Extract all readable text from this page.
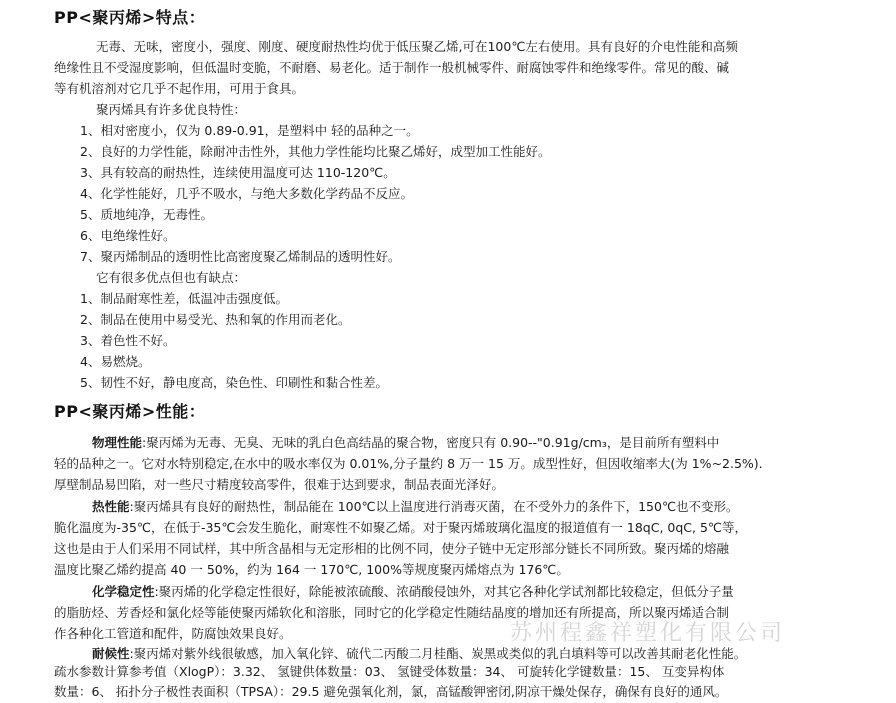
PP<聚丙烯>特点：
无毒、无味，密度小，强度、刚度、硬度耐热性均优于低压聚乙烯,可在100℃左右使用。具有良好的介电性能和高频
绝缘性且不受湿度影响，但低温时变脆，不耐磨、易老化。适于制作一般机械零件、耐腐蚀零件和绝缘零件。常见的酸、碱
等有机溶剂对它几乎不起作用，可用于食具。
聚丙烯具有许多优良特性：
1、相对密度小，仅为 0.89-0.91，是塑料中 轻的品种之一。
2、良好的力学性能，除耐冲击性外，其他力学性能均比聚乙烯好，成型加工性能好。
3、具有较高的耐热性，连续使用温度可达 110-120℃。
4、化学性能好，几乎不吸水，与绝大多数化学药品不反应。
5、质地纯净，无毒性。
6、电绝缘性好。
7、聚丙烯制品的透明性比高密度聚乙烯制品的透明性好。
它有很多优点但也有缺点：
1、制品耐寒性差，低温冲击强度低。
2、制品在使用中易受光、热和氧的作用而老化。
3、着色性不好。
4、易燃烧。
5、韧性不好，静电度高，染色性、印刷性和黏合性差。
PP<聚丙烯>性能：
物理性能:聚丙烯为无毒、无臭、无味的乳白色高结晶的聚合物，密度只有 0.90--"0.91g/cm₃，是目前所有塑料中
轻的品种之一。它对水特别稳定,在水中的吸水率仅为 0.01%,分子量约 8 万一 15 万。成型性好，但因收缩率大(为 1%~2.5%).
厚壁制品易凹陷，对一些尺寸精度较高零件，很难于达到要求，制品表面光泽好。
热性能:聚丙烯具有良好的耐热性，制品能在 100℃以上温度进行消毒灭菌，在不受外力的条件下，150℃也不变形。
脆化温度为-35℃，在低于-35℃会发生脆化，耐寒性不如聚乙烯。对于聚丙烯玻璃化温度的报道值有一 18qC, 0qC, 5℃等，
这也是由于人们采用不同试样，其中所含晶相与无定形相的比例不同，使分子链中无定形部分链长不同所致。聚丙烯的熔融
温度比聚乙烯约提高 40 一 50%，约为 164 一 170℃, 100%等规度聚丙烯熔点为 176℃。
化学稳定性:聚丙烯的化学稳定性很好，除能被浓硫酸、浓硝酸侵蚀外，对其它各种化学试剂都比较稳定，但低分子量
的脂肪烃、芳香烃和氯化烃等能使聚丙烯软化和溶胀，同时它的化学稳定性随结晶度的增加还有所提高，所以聚丙烯适合制
作各种化工管道和配件，防腐蚀效果良好。	苏州程鑫祥塑化有限公司
耐候性:聚丙烯对紫外线很敏感，加入氧化锌、硫代二丙酸二月桂酯、炭黑或类似的乳白填料等可以改善其耐老化性能。
疏水参数计算参考值（XlogP）：3.32、 氢键供体数量：03、 氢键受体数量：34、 可旋转化学键数量：15、 互变异构体
数量：6、 拓扑分子极性表面积（TPSA）：29.5 避免强氧化剂，氯，高锰酸钾密闭,阴凉干燥处保存，确保有良好的通风。
